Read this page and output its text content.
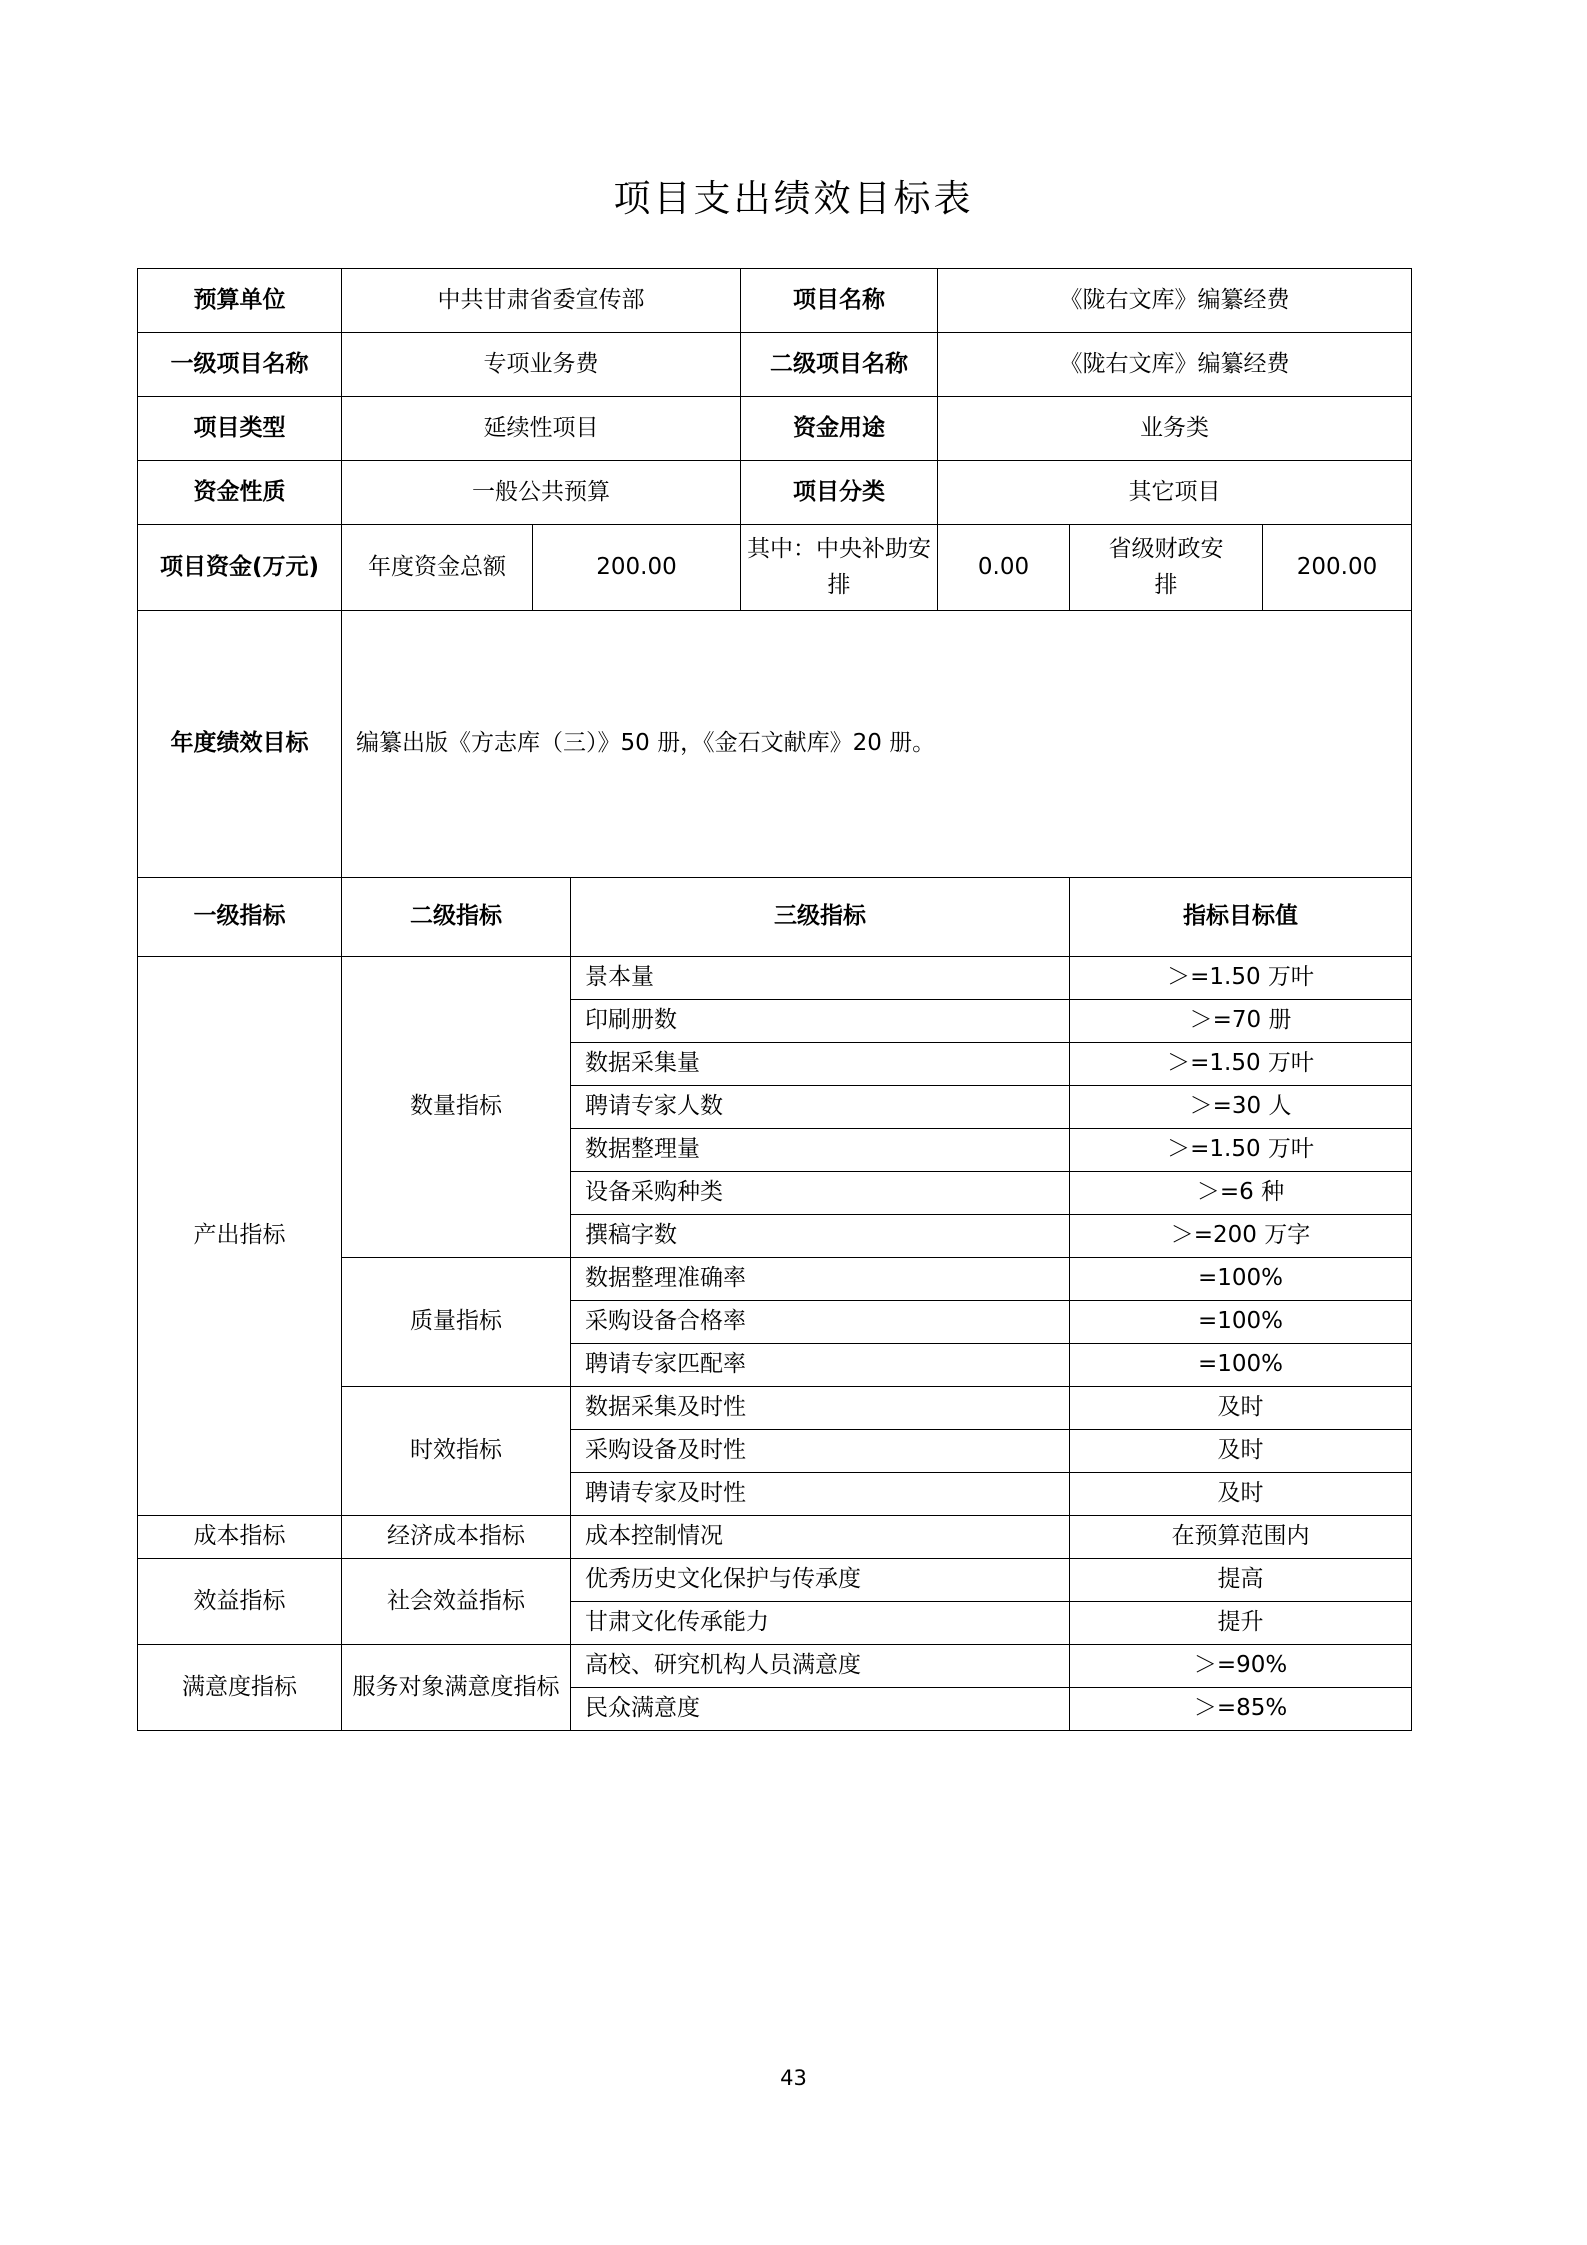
项目支出绩效目标表
预算单位	中共甘肃省委宣传部			项目名称	《陇右文库》编纂经费		
一级项目名称	专项业务费			二级项目名称	《陇右文库》编纂经费		
项目类型	延续性项目			资金用途	业务类		
资金性质	一般公共预算			项目分类	其它项目		
项目资金(万元)	年度资金总额	200.00		其中：中央补助安排	0.00	省级财政安排	200.00
年度绩效目标	编纂出版《方志库（三）》50 册，《金石文献库》20 册。						
一级指标	二级指标		三级指标			指标目标值	
产出指标	数量指标		景本量			＞=1.50 万叶	
			印刷册数			＞=70 册	
			数据采集量			＞=1.50 万叶	
			聘请专家人数			＞=30 人	
			数据整理量			＞=1.50 万叶	
			设备采购种类			＞=6 种	
			撰稿字数			＞=200 万字	
	质量指标		数据整理准确率			=100%	
			采购设备合格率			=100%	
			聘请专家匹配率			=100%	
	时效指标		数据采集及时性			及时	
			采购设备及时性			及时	
			聘请专家及时性			及时	
成本指标	经济成本指标		成本控制情况			在预算范围内	
效益指标	社会效益指标		优秀历史文化保护与传承度			提高	
			甘肃文化传承能力			提升	
满意度指标	服务对象满意度指标		高校、研究机构人员满意度			＞=90%	
			民众满意度			＞=85%	
43
